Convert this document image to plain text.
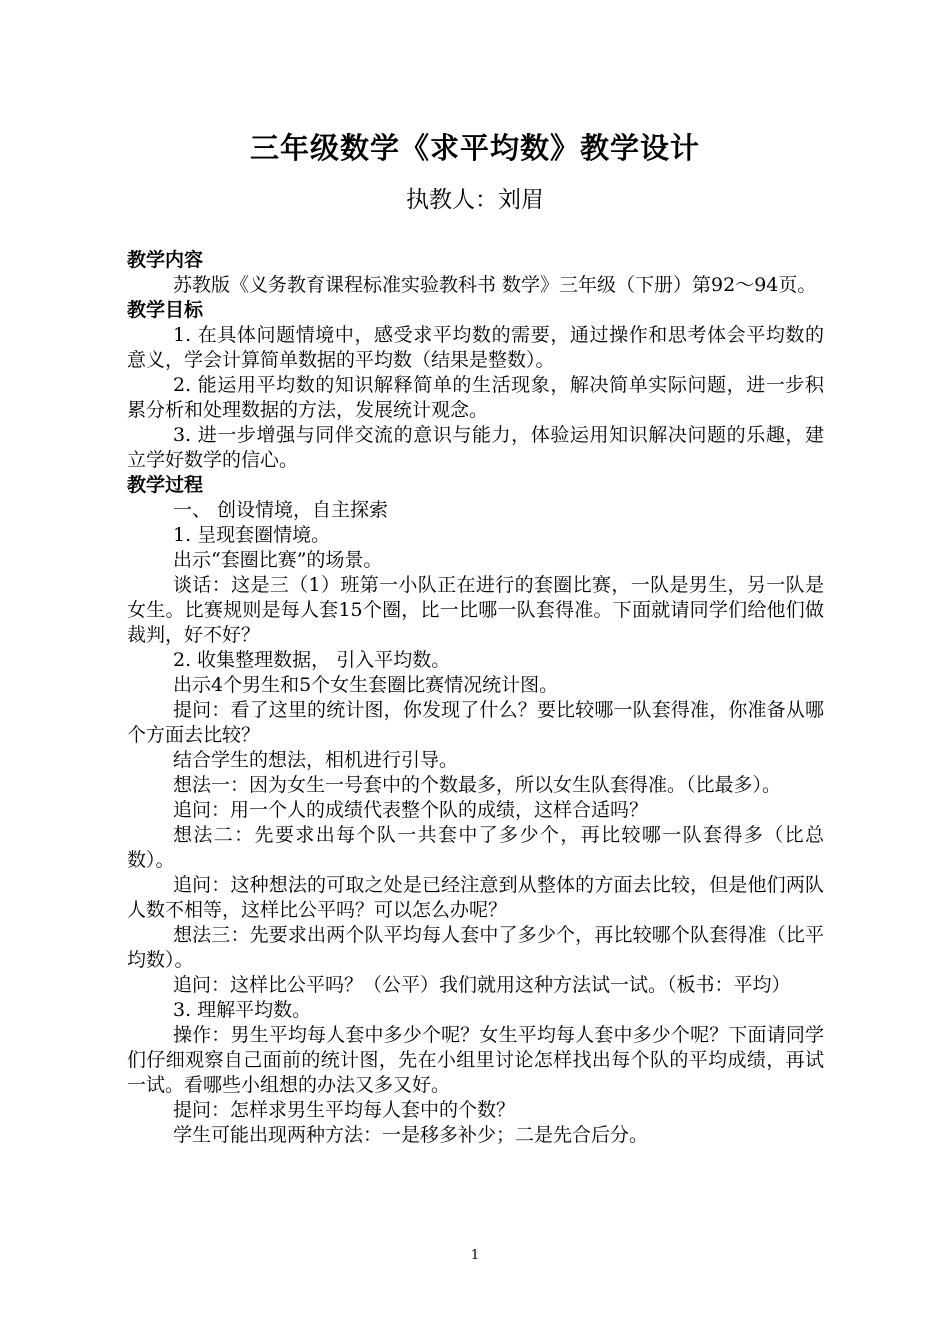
三年级数学《求平均数》教学设计
执教人：刘眉

教学内容

苏教版《义务教育课程标准实验教科书 数学》三年级（下册）第92～94页。

教学目标

1. 在具体问题情境中，感受求平均数的需要，通过操作和思考体会平均数的意义，学会计算简单数据的平均数（结果是整数）。

2. 能运用平均数的知识解释简单的生活现象，解决简单实际问题，进一步积累分析和处理数据的方法，发展统计观念。

3. 进一步增强与同伴交流的意识与能力，体验运用知识解决问题的乐趣，建立学好数学的信心。

教学过程

一、 创设情境，自主探索

1. 呈现套圈情境。

出示“套圈比赛”的场景。

谈话：这是三（1）班第一小队正在进行的套圈比赛，一队是男生，另一队是女生。比赛规则是每人套15个圈，比一比哪一队套得准。下面就请同学们给他们做裁判，好不好？

2. 收集整理数据， 引入平均数。

出示4个男生和5个女生套圈比赛情况统计图。

提问：看了这里的统计图，你发现了什么？要比较哪一队套得准，你准备从哪个方面去比较？

结合学生的想法，相机进行引导。

想法一：因为女生一号套中的个数最多，所以女生队套得准。（比最多）。

追问：用一个人的成绩代表整个队的成绩，这样合适吗？

想法二：先要求出每个队一共套中了多少个，再比较哪一队套得多（比总数）。

追问：这种想法的可取之处是已经注意到从整体的方面去比较，但是他们两队人数不相等，这样比公平吗？可以怎么办呢？

想法三：先要求出两个队平均每人套中了多少个，再比较哪个队套得准（比平均数）。

追问：这样比公平吗？（公平）我们就用这种方法试一试。（板书：平均）

3. 理解平均数。

操作：男生平均每人套中多少个呢？女生平均每人套中多少个呢？下面请同学们仔细观察自己面前的统计图，先在小组里讨论怎样找出每个队的平均成绩，再试一试。看哪些小组想的办法又多又好。

提问：怎样求男生平均每人套中的个数？

学生可能出现两种方法：一是移多补少；二是先合后分。

1
